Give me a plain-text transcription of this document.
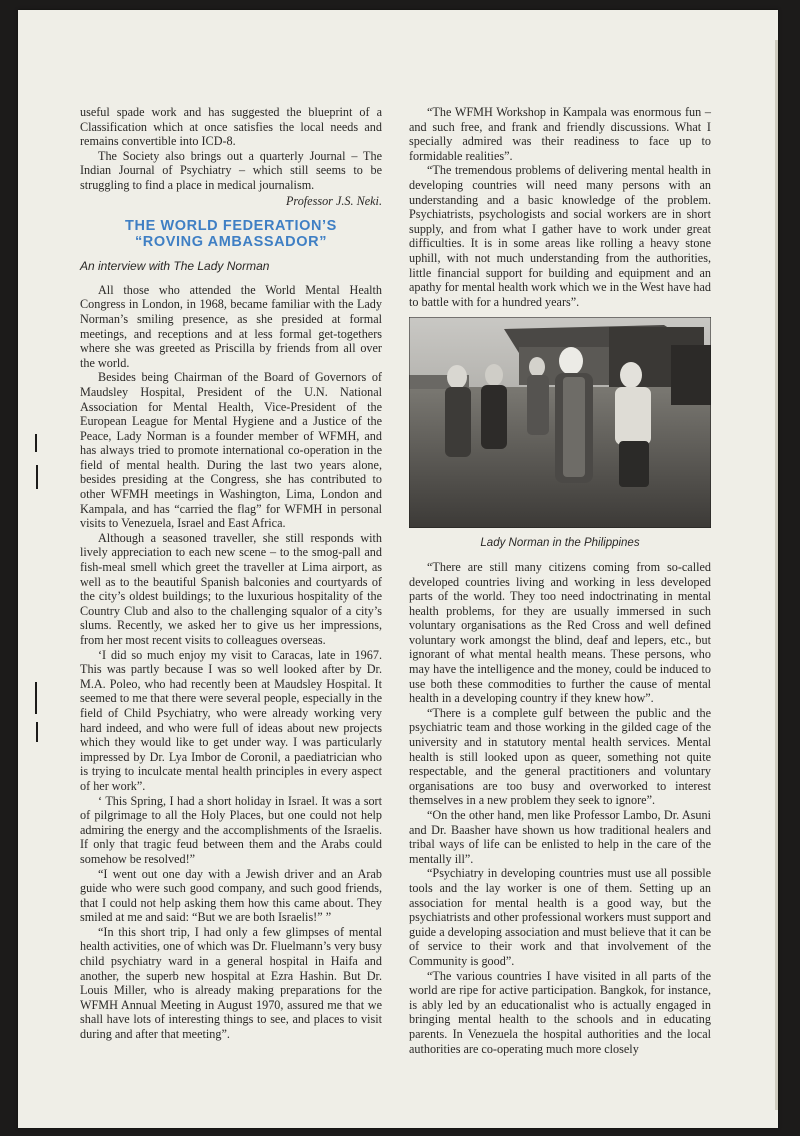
useful spade work and has suggested the blueprint of a Classification which at once satisfies the local needs and remains convertible into ICD-8.

The Society also brings out a quarterly Journal – The Indian Journal of Psychiatry – which still seems to be struggling to find a place in medical journalism.

Professor J.S. Neki.
THE WORLD FEDERATION’S
“ROVING AMBASSADOR”
An interview with The Lady Norman

All those who attended the World Mental Health Congress in London, in 1968, became familiar with the Lady Norman’s smiling presence, as she presided at formal meetings, and receptions and at less formal get-togethers where she was greeted as Priscilla by friends from all over the world.

Besides being Chairman of the Board of Governors of Maudsley Hospital, President of the U.N. National Association for Mental Health, Vice-President of the European League for Mental Hygiene and a Justice of the Peace, Lady Norman is a founder member of WFMH, and has always tried to promote international co-operation in the field of mental health. During the last two years alone, besides presiding at the Congress, she has contributed to other WFMH meetings in Washington, Lima, London and Kampala, and has “carried the flag” for WFMH in personal visits to Venezuela, Israel and East Africa.

Although a seasoned traveller, she still responds with lively appreciation to each new scene – to the smog-pall and fish-meal smell which greet the traveller at Lima airport, as well as to the beautiful Spanish balconies and courtyards of the city’s oldest buildings; to the luxurious hospitality of the Country Club and also to the challenging squalor of a city’s slums. Recently, we asked her to give us her impressions, from her most recent visits to colleagues overseas.

‘I did so much enjoy my visit to Caracas, late in 1967. This was partly because I was so well looked after by Dr. M.A. Poleo, who had recently been at Maudsley Hospital. It seemed to me that there were several people, especially in the field of Child Psychiatry, who were already working very hard indeed, and who were full of ideas about new projects which they would like to get under way. I was particularly impressed by Dr. Lya Imbor de Coronil, a paediatrician who is trying to inculcate mental health principles in every aspect of her work”.

‘ This Spring, I had a short holiday in Israel. It was a sort of pilgrimage to all the Holy Places, but one could not help admiring the energy and the accomplishments of the Israelis. If only that tragic feud between them and the Arabs could somehow be resolved!”

“I went out one day with a Jewish driver and an Arab guide who were such good company, and such good friends, that I could not help asking them how this came about. They smiled at me and said: “But we are both Israelis!” ”

“In this short trip, I had only a few glimpses of mental health activities, one of which was Dr. Fluelmann’s very busy child psychiatry ward in a general hospital in Haifa and another, the superb new hospital at Ezra Hashin. But Dr. Louis Miller, who is already making preparations for the WFMH Annual Meeting in August 1970, assured me that we shall have lots of interesting things to see, and places to visit during and after that meeting”.

“The WFMH Workshop in Kampala was enormous fun – and such free, and frank and friendly discussions. What I specially admired was their readiness to face up to formidable realities”.

“The tremendous problems of delivering mental health in developing countries will need many persons with an understanding and a basic knowledge of the problem. Psychiatrists, psychologists and social workers are in short supply, and from what I gather have to work under great difficulties. It is in some areas like rolling a heavy stone uphill, with not much understanding from the authorities, little financial support for building and equipment and an apathy for mental health work which we in the West have had to battle with for a hundred years”.

Lady Norman in the Philippines

“There are still many citizens coming from so-called developed countries living and working in less developed parts of the world. They too need indoctrinating in mental health problems, for they are usually immersed in such voluntary organisations as the Red Cross and well defined voluntary work amongst the blind, deaf and lepers, etc., but ignorant of what mental health means. These persons, who may have the intelligence and the money, could be induced to use both these commodities to further the cause of mental health in a developing country if they knew how”.

“There is a complete gulf between the public and the psychiatric team and those working in the gilded cage of the university and in statutory mental health services. Mental health is still looked upon as queer, something not quite respectable, and the general practitioners and voluntary organisations are too busy and overworked to interest themselves in a new problem they seek to ignore”.

“On the other hand, men like Professor Lambo, Dr. Asuni and Dr. Baasher have shown us how traditional healers and tribal ways of life can be enlisted to help in the care of the mentally ill”.

“Psychiatry in developing countries must use all possible tools and the lay worker is one of them. Setting up an association for mental health is a good way, but the psychiatrists and other professional workers must support and guide a developing association and must believe that it can be of service to their work and that involvement of the Community is good”.

“The various countries I have visited in all parts of the world are ripe for active participation. Bangkok, for instance, is ably led by an educationalist who is actually engaged in bringing mental health to the schools and in educating parents. In Venezuela the hospital authorities and the local authorities are co-operating much more closely
